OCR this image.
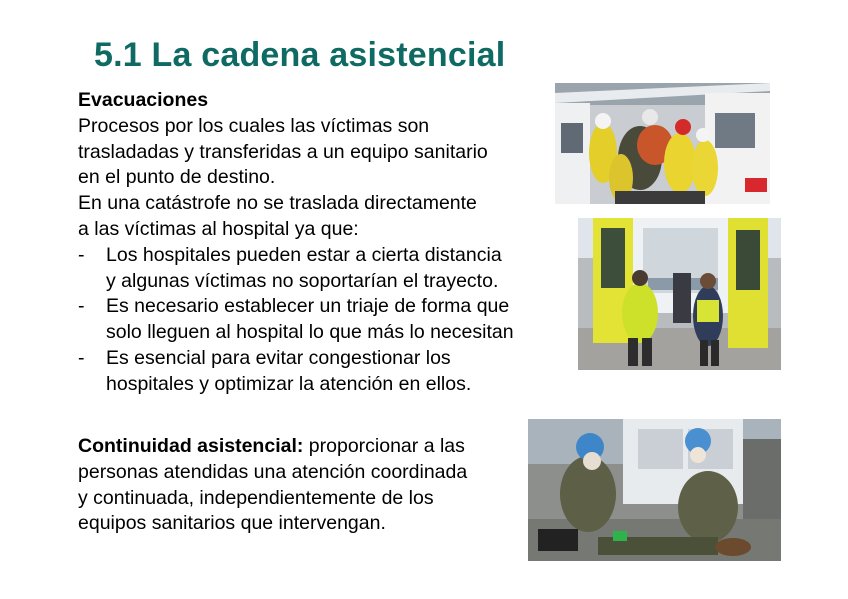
5.1 La cadena asistencial
Evacuaciones
Procesos por los cuales las víctimas son
trasladadas y transferidas a un equipo sanitario
en el punto de destino.
En una catástrofe no se traslada directamente
a las víctimas al hospital ya que:
- Los hospitales pueden estar a cierta distancia
y algunas víctimas no soportarían el trayecto.
- Es necesario establecer un triaje de forma que
solo lleguen al hospital lo que más lo necesitan
- Es esencial para evitar congestionar los
hospitales y optimizar la atención en ellos.
Continuidad asistencial: proporcionar a las
personas atendidas una atención coordinada
y continuada, independientemente de los
equipos sanitarios que intervengan.
